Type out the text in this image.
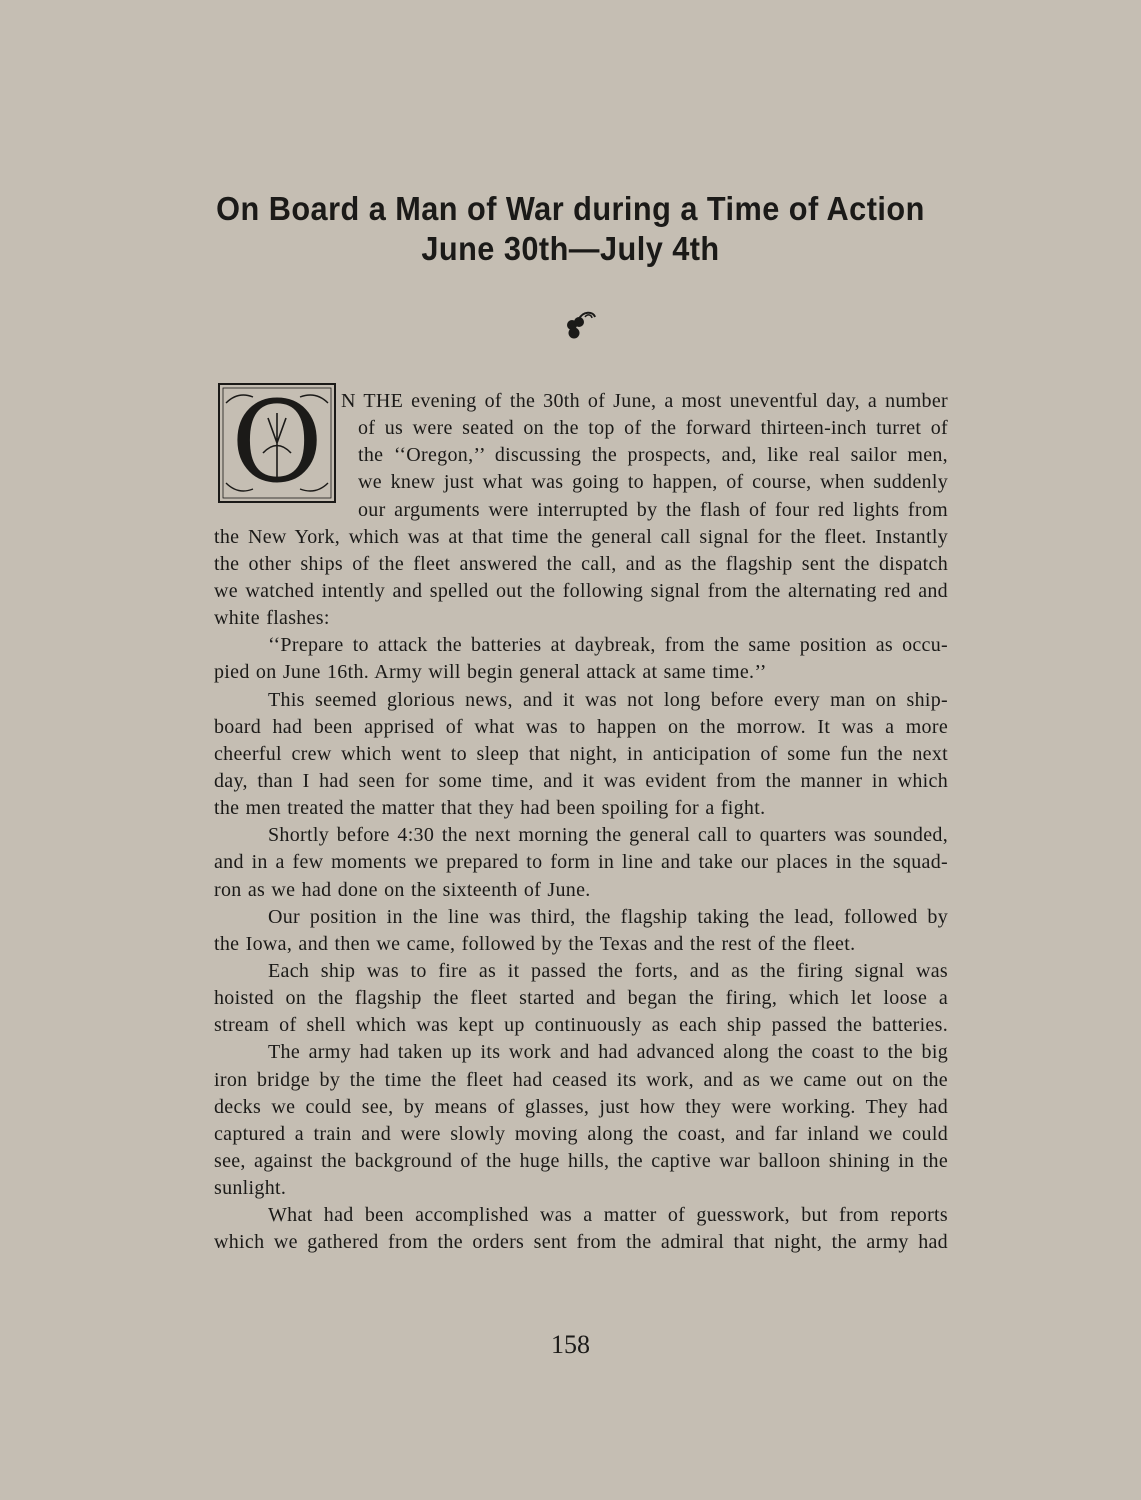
On Board a Man of War during a Time of Action
June 30th—July 4th
O N THE evening of the 30th of June, a most uneventful day, a number
of us were seated on the top of the forward thirteen-inch turret of
the ‘‘Oregon,’’ discussing the prospects, and, like real sailor men,
we knew just what was going to happen, of course, when suddenly
our arguments were interrupted by the flash of four red lights from
the New York, which was at that time the general call signal for the fleet. Instantly
the other ships of the fleet answered the call, and as the flagship sent the dispatch
we watched intently and spelled out the following signal from the alternating red and
white flashes:
‘‘Prepare to attack the batteries at daybreak, from the same position as occu-
pied on June 16th. Army will begin general attack at same time.’’
This seemed glorious news, and it was not long before every man on ship-
board had been apprised of what was to happen on the morrow. It was a more
cheerful crew which went to sleep that night, in anticipation of some fun the next
day, than I had seen for some time, and it was evident from the manner in which
the men treated the matter that they had been spoiling for a fight.
Shortly before 4:30 the next morning the general call to quarters was sounded,
and in a few moments we prepared to form in line and take our places in the squad-
ron as we had done on the sixteenth of June.
Our position in the line was third, the flagship taking the lead, followed by
the Iowa, and then we came, followed by the Texas and the rest of the fleet.
Each ship was to fire as it passed the forts, and as the firing signal was
hoisted on the flagship the fleet started and began the firing, which let loose a
stream of shell which was kept up continuously as each ship passed the batteries.
The army had taken up its work and had advanced along the coast to the big
iron bridge by the time the fleet had ceased its work, and as we came out on the
decks we could see, by means of glasses, just how they were working. They had
captured a train and were slowly moving along the coast, and far inland we could
see, against the background of the huge hills, the captive war balloon shining in the
sunlight.
What had been accomplished was a matter of guesswork, but from reports
which we gathered from the orders sent from the admiral that night, the army had
158
